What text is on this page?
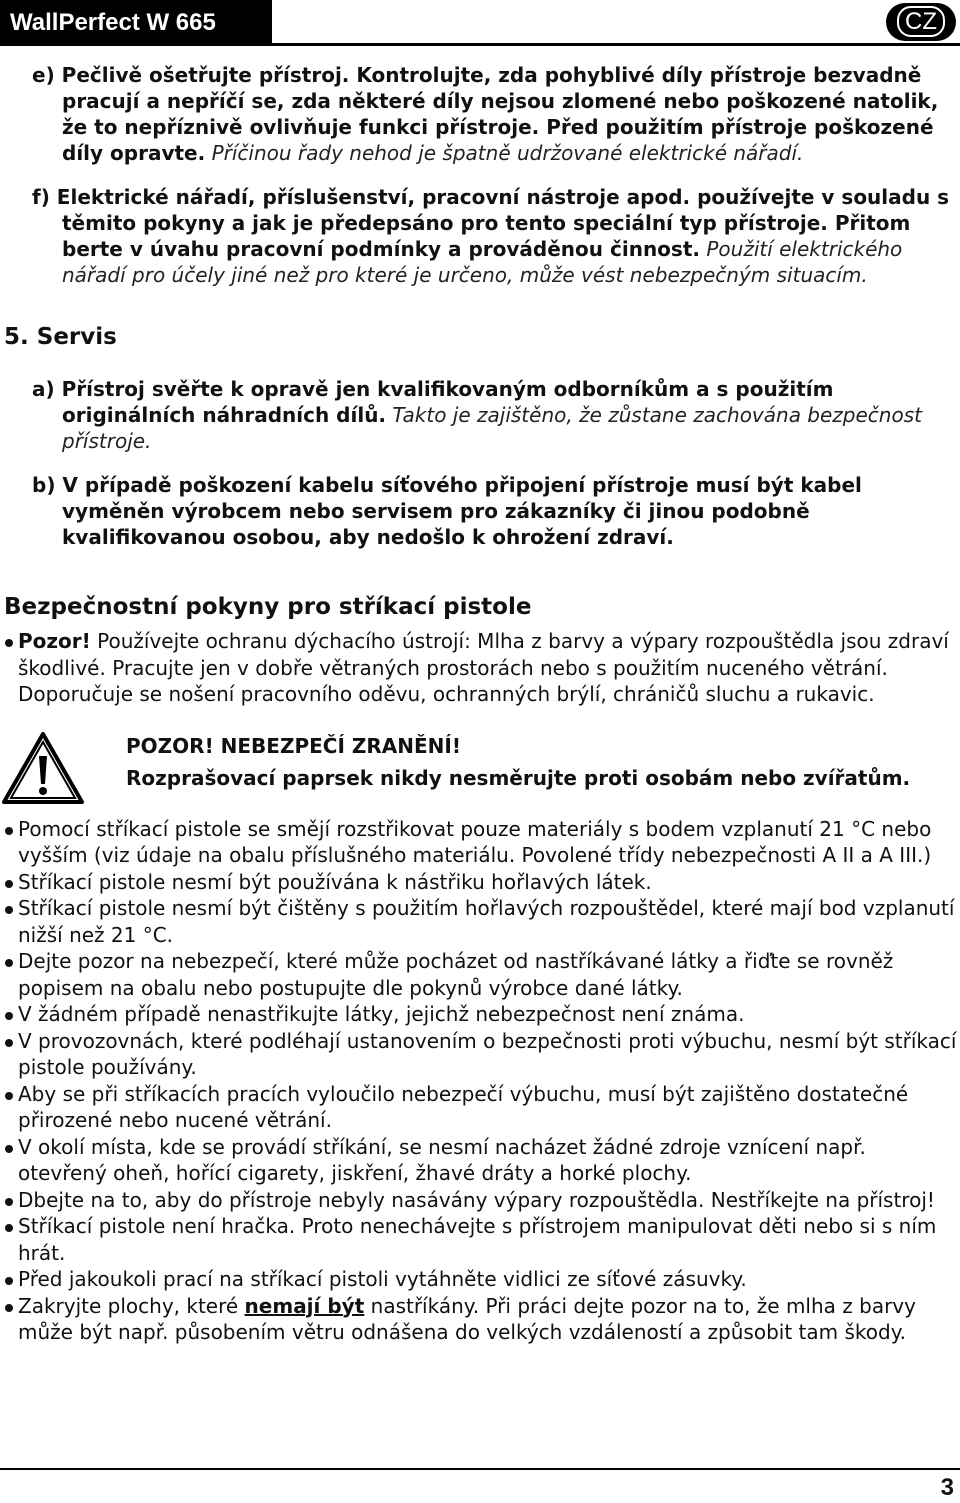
WallPerfect W 665	CZ

e) Pečlivě ošetřujte přístroj. Kontrolujte, zda pohyblivé díly přístroje bezvadně pracují a nepříčí se, zda některé díly nejsou zlomené nebo poškozené natolik, že to nepříznivě ovlivňuje funkci přístroje. Před použitím přístroje poškozené díly opravte. Příčinou řady nehod je špatně udržované elektrické nářadí.

f) Elektrické nářadí, příslušenství, pracovní nástroje apod. používejte v souladu s těmito pokyny a jak je předepsáno pro tento speciální typ přístroje. Přitom berte v úvahu pracovní podmínky a prováděnou činnost. Použití elektrického nářadí pro účely jiné než pro které je určeno, může vést nebezpečným situacím.

5. Servis

a) Přístroj svěřte k opravě jen kvalifikovaným odborníkům a s použitím originálních náhradních dílů. Takto je zajištěno, že zůstane zachována bezpečnost přístroje.

b) V případě poškození kabelu síťového připojení přístroje musí být kabel vyměněn výrobcem nebo servisem pro zákazníky či jinou podobně kvalifikovanou osobou, aby nedošlo k ohrožení zdraví.

Bezpečnostní pokyny pro stříkací pistole
Pozor! Používejte ochranu dýchacího ústrojí: Mlha z barvy a výpary rozpouštědla jsou zdraví škodlivé. Pracujte jen v dobře větraných prostorách nebo s použitím nuceného větrání. Doporučuje se nošení pracovního oděvu, ochranných brýlí, chráničů sluchu a rukavic.
POZOR! NEBEZPEČÍ ZRANĚNÍ!
Rozprašovací paprsek nikdy nesměrujte proti osobám nebo zvířatům.
Pomocí stříkací pistole se smějí rozstřikovat pouze materiály s bodem vzplanutí 21 °C nebo vyšším (viz údaje na obalu příslušného materiálu. Povolené třídy nebezpečnosti A II a A III.)
Stříkací pistole nesmí být používána k nástřiku hořlavých látek.
Stříkací pistole nesmí být čištěny s použitím hořlavých rozpouštědel, které mají bod vzplanutí nižší než 21 °C.
Dejte pozor na nebezpečí, které může pocházet od nastříkávané látky a řiďte se rovněž popisem na obalu nebo postupujte dle pokynů výrobce dané látky.
V žádném případě nenastřikujte látky, jejichž nebezpečnost není známa.
V provozovnách, které podléhají ustanovením o bezpečnosti proti výbuchu, nesmí být stříkací pistole používány.
Aby se při stříkacích pracích vyloučilo nebezpečí výbuchu, musí být zajištěno dostatečné přirozené nebo nucené větrání.
V okolí místa, kde se provádí stříkání, se nesmí nacházet žádné zdroje vznícení např. otevřený oheň, hořící cigarety, jiskření, žhavé dráty a horké plochy.
Dbejte na to, aby do přístroje nebyly nasávány výpary rozpouštědla. Nestříkejte na přístroj!
Stříkací pistole není hračka. Proto nenechávejte s přístrojem manipulovat děti nebo si s ním hrát.
Před jakoukoli prací na stříkací pistoli vytáhněte vidlici ze síťové zásuvky.
Zakryjte plochy, které nemají být nastříkány. Při práci dejte pozor na to, že mlha z barvy může být např. působením větru odnášena do velkých vzdáleností a způsobit tam škody.
3
